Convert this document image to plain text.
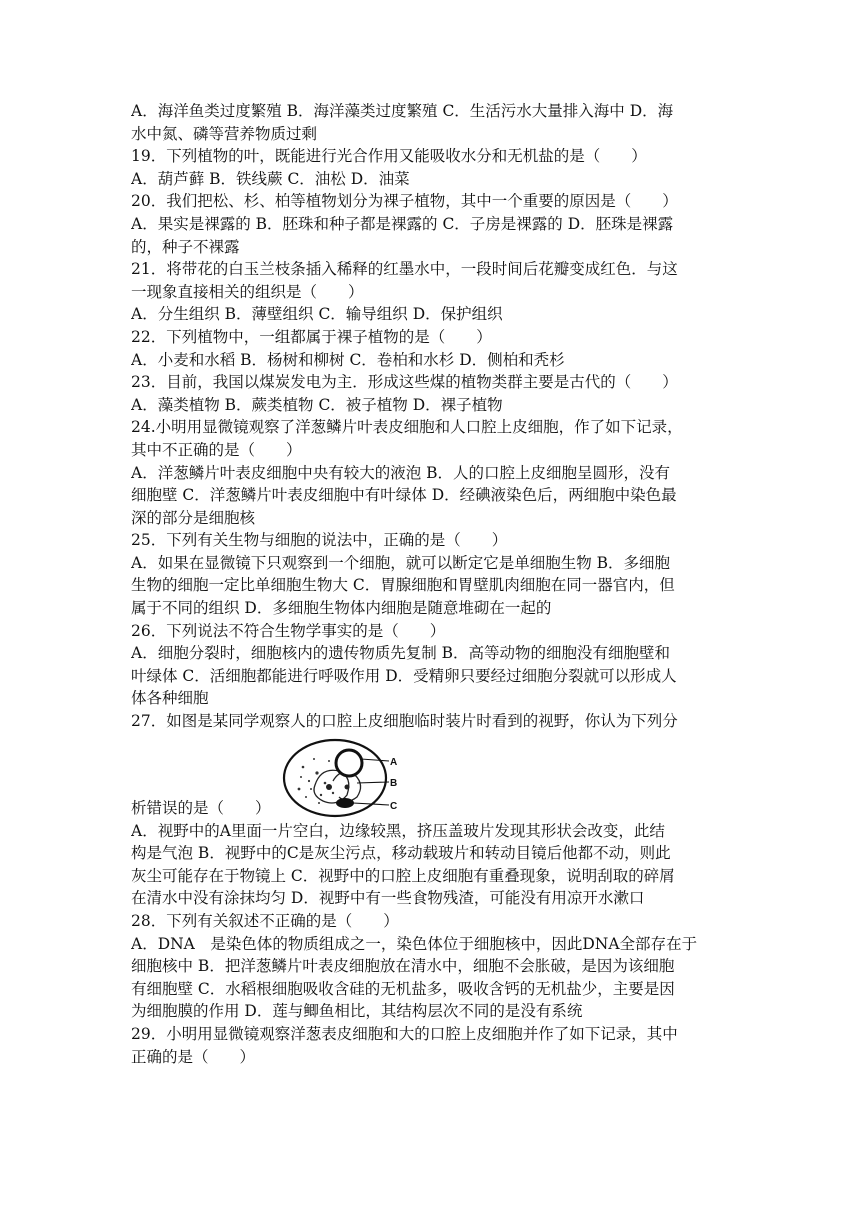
A．海洋鱼类过度繁殖 B．海洋藻类过度繁殖 C．生活污水大量排入海中 D．海
水中氮、磷等营养物质过剩
19．下列植物的叶，既能进行光合作用又能吸收水分和无机盐的是（　　）
A．葫芦藓 B．铁线蕨 C．油松 D．油菜
20．我们把松、杉、柏等植物划分为裸子植物，其中一个重要的原因是（　　）
A．果实是裸露的 B．胚珠和种子都是裸露的 C．子房是裸露的 D．胚珠是裸露
的，种子不裸露
21．将带花的白玉兰枝条插入稀释的红墨水中，一段时间后花瓣变成红色．与这
一现象直接相关的组织是（　　）
A．分生组织 B．薄壁组织 C．输导组织 D．保护组织
22．下列植物中，一组都属于裸子植物的是（　　）
A．小麦和水稻 B．杨树和柳树 C．卷柏和水杉 D．侧柏和秃杉
23．目前，我国以煤炭发电为主．形成这些煤的植物类群主要是古代的（　　）
A．藻类植物 B．蕨类植物 C．被子植物 D．裸子植物
24.小明用显微镜观察了洋葱鳞片叶表皮细胞和人口腔上皮细胞，作了如下记录，
其中不正确的是（　　）
A．洋葱鳞片叶表皮细胞中央有较大的液泡 B．人的口腔上皮细胞呈圆形，没有
细胞壁 C．洋葱鳞片叶表皮细胞中有叶绿体 D．经碘液染色后，两细胞中染色最
深的部分是细胞核
25．下列有关生物与细胞的说法中，正确的是（　　）
A．如果在显微镜下只观察到一个细胞，就可以断定它是单细胞生物 B．多细胞
生物的细胞一定比单细胞生物大 C．胃腺细胞和胃壁肌肉细胞在同一器官内，但
属于不同的组织 D．多细胞生物体内细胞是随意堆砌在一起的
26．下列说法不符合生物学事实的是（　　）
A．细胞分裂时，细胞核内的遗传物质先复制 B．高等动物的细胞没有细胞壁和
叶绿体 C．活细胞都能进行呼吸作用 D．受精卵只要经过细胞分裂就可以形成人
体各种细胞
27．如图是某同学观察人的口腔上皮细胞临时装片时看到的视野，你认为下列分
析错误的是（　　）
A
B
C
A．视野中的A里面一片空白，边缘较黑，挤压盖玻片发现其形状会改变，此结
构是气泡 B．视野中的C是灰尘污点，移动载玻片和转动目镜后他都不动，则此
灰尘可能存在于物镜上 C．视野中的口腔上皮细胞有重叠现象，说明刮取的碎屑
在清水中没有涂抹均匀 D．视野中有一些食物残渣，可能没有用凉开水漱口
28．下列有关叙述不正确的是（　　）
A．DNA　是染色体的物质组成之一，染色体位于细胞核中，因此DNA全部存在于
细胞核中 B．把洋葱鳞片叶表皮细胞放在清水中，细胞不会胀破，是因为该细胞
有细胞壁 C．水稻根细胞吸收含硅的无机盐多，吸收含钙的无机盐少，主要是因
为细胞膜的作用 D．莲与鲫鱼相比，其结构层次不同的是没有系统
29．小明用显微镜观察洋葱表皮细胞和大的口腔上皮细胞并作了如下记录，其中
正确的是（　　）
